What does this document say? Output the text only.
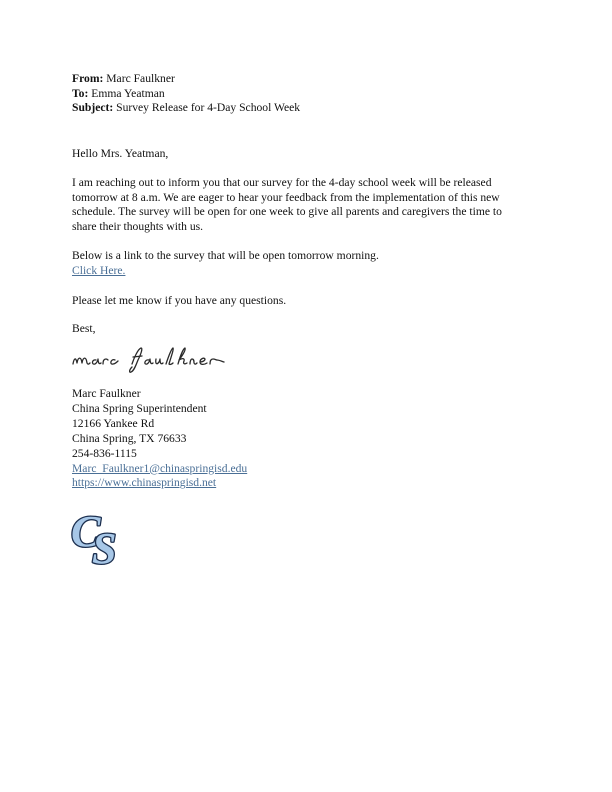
From: Marc Faulkner
To: Emma Yeatman
Subject: Survey Release for 4-Day School Week
Hello Mrs. Yeatman,
I am reaching out to inform you that our survey for the 4-day school week will be released
tomorrow at 8 a.m. We are eager to hear your feedback from the implementation of this new
schedule. The survey will be open for one week to give all parents and caregivers the time to
share their thoughts with us.
Below is a link to the survey that will be open tomorrow morning.
Click Here.
Please let me know if you have any questions.
Best,
Marc Faulkner
China Spring Superintendent
12166 Yankee Rd
China Spring, TX 76633
254-836-1115
Marc_Faulkner1@chinaspringisd.edu
https://www.chinaspringisd.net
C
S
